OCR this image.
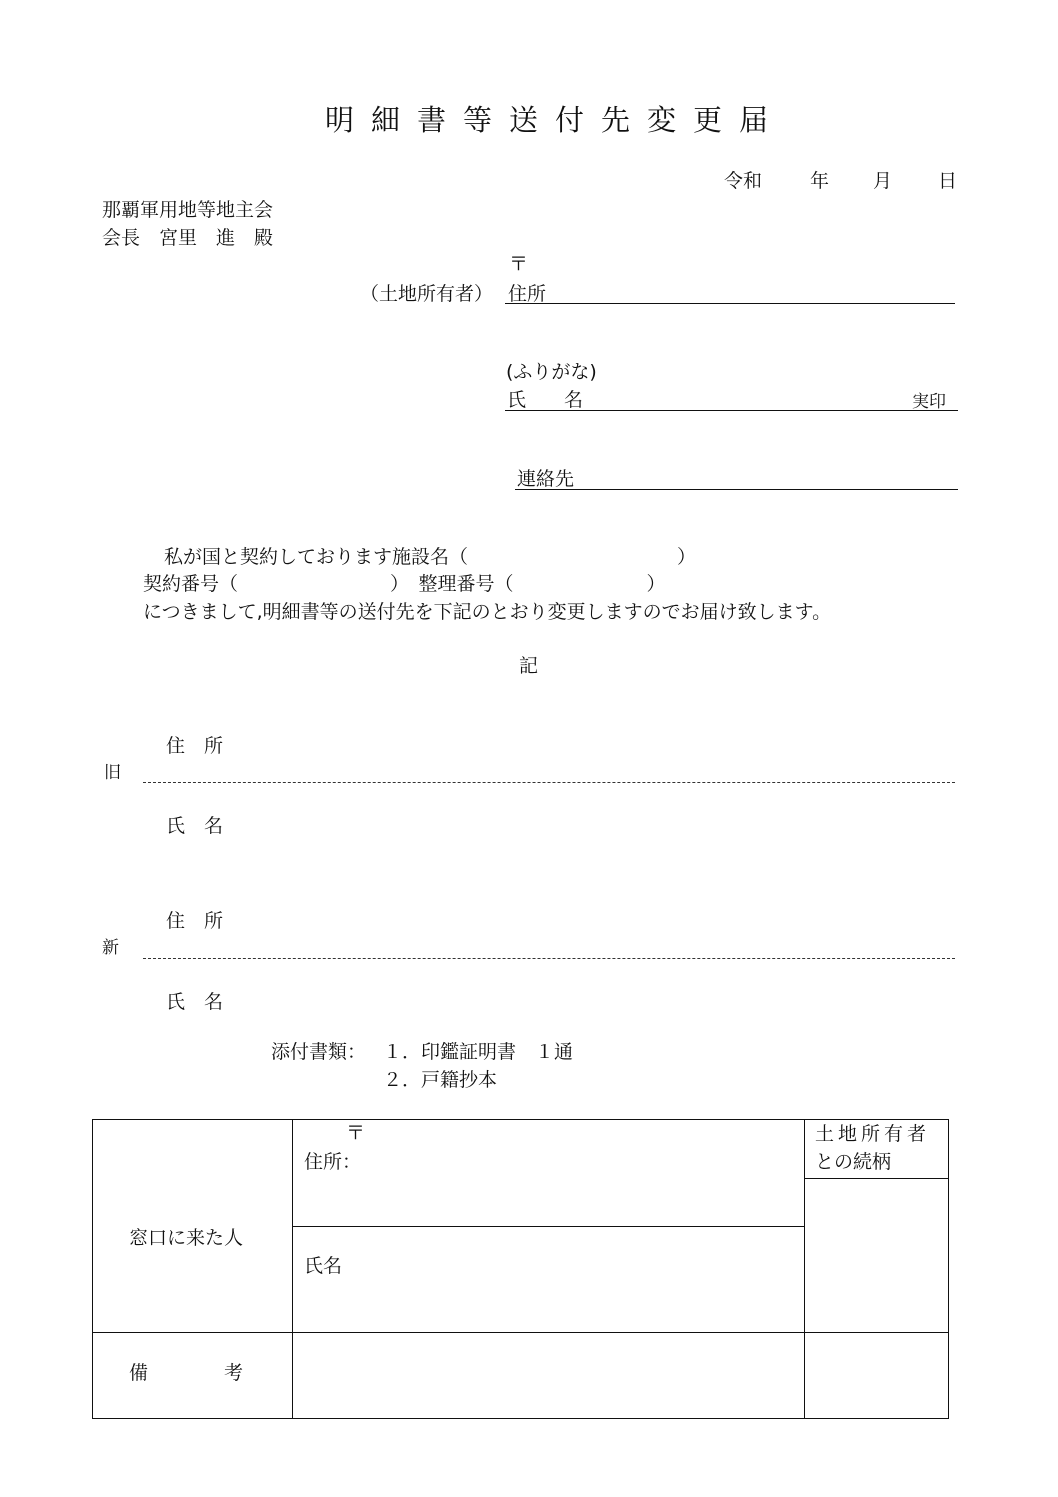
明細書等送付先変更届
令和	年 月 日
那覇軍用地等地主会
会長　宮里　進　殿
〒
（土地所有者） 住所
(ふりがな)
氏　　名	実印
連絡先
私が国と契約しております施設名（　　　　　　　　　　　）
契約番号（　　　　　　　　）　整理番号（　　　　　　　）
につきまして,明細書等の送付先を下記のとおり変更しますのでお届け致します。
記
住　所
旧
氏　名
住　所
新
氏　名
添付書類： １．印鑑証明書　１通
２．戸籍抄本
窓口に来た人
〒
住所：
氏名
土地所有者
との続柄
備　　　　考
